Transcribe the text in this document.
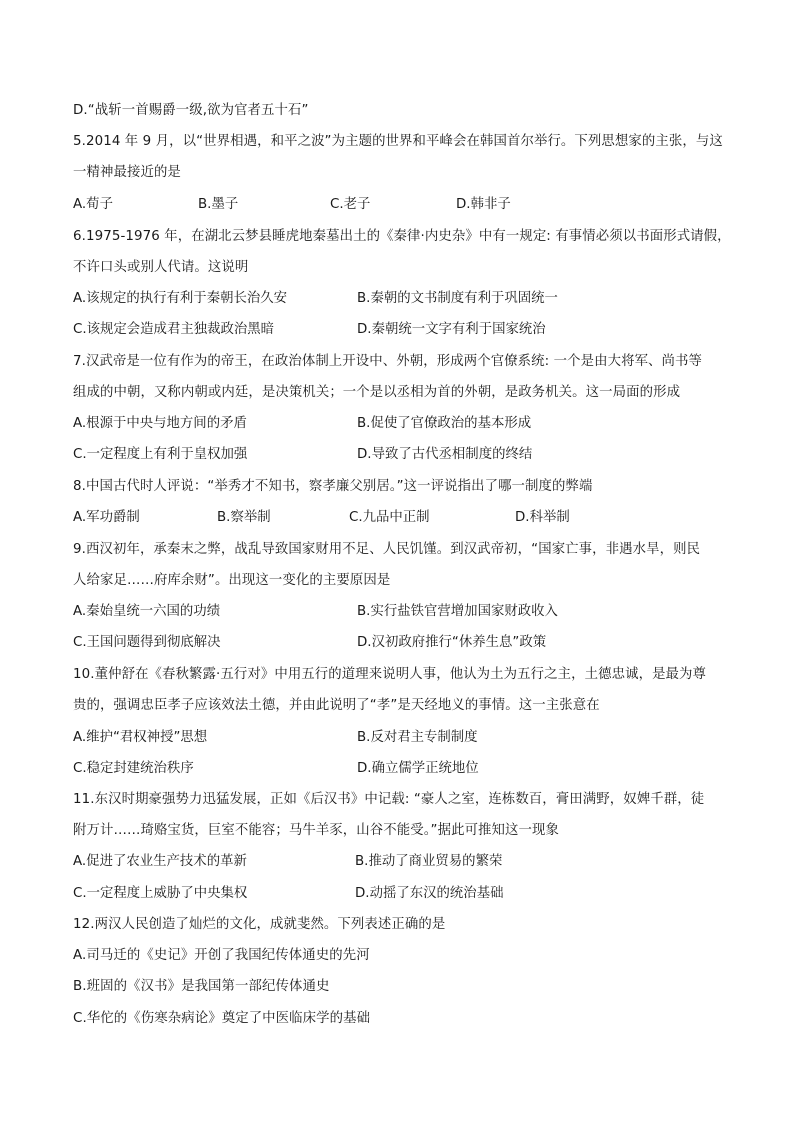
D.“战斩一首赐爵一级,欲为官者五十石”
5.2014 年 9 月，以“世界相遇，和平之波”为主题的世界和平峰会在韩国首尔举行。下列思想家的主张，与这
一精神最接近的是
A.荀子	B.墨子	C.老子	D.韩非子
6.1975-1976 年，在湖北云梦县睡虎地秦墓出土的《秦律·内史杂》中有一规定: 有事情必须以书面形式请假，
不许口头或别人代请。这说明
A.该规定的执行有利于秦朝长治久安	B.秦朝的文书制度有利于巩固统一
C.该规定会造成君主独裁政治黑暗	D.秦朝统一文字有利于国家统治
7.汉武帝是一位有作为的帝王，在政治体制上开设中、外朝，形成两个官僚系统: 一个是由大将军、尚书等
组成的中朝，又称内朝或内廷，是决策机关；一个是以丞相为首的外朝，是政务机关。这一局面的形成
A.根源于中央与地方间的矛盾	B.促使了官僚政治的基本形成
C.一定程度上有利于皇权加强	D.导致了古代丞相制度的终结
8.中国古代时人评说：“举秀才不知书，察孝廉父别居。”这一评说指出了哪一制度的弊端
A.军功爵制	B.察举制	C.九品中正制	D.科举制
9.西汉初年，承秦末之弊，战乱导致国家财用不足、人民饥馑。到汉武帝初，“国家亡事，非遇水旱，则民
人给家足……府库余财”。出现这一变化的主要原因是
A.秦始皇统一六国的功绩	B.实行盐铁官营增加国家财政收入
C.王国问题得到彻底解决	D.汉初政府推行“休养生息”政策
10.董仲舒在《春秋繁露·五行对》中用五行的道理来说明人事，他认为土为五行之主，土德忠诚，是最为尊
贵的，强调忠臣孝子应该效法土德，并由此说明了“孝”是天经地义的事情。这一主张意在
A.维护“君权神授”思想	B.反对君主专制制度
C.稳定封建统治秩序	D.确立儒学正统地位
11.东汉时期豪强势力迅猛发展，正如《后汉书》中记载: “豪人之室，连栋数百，膏田满野，奴婢千群，徒
附万计……琦赂宝货，巨室不能容；马牛羊豕，山谷不能受。”据此可推知这一现象
A.促进了农业生产技术的革新	B.推动了商业贸易的繁荣
C.一定程度上威胁了中央集权	D.动摇了东汉的统治基础
12.两汉人民创造了灿烂的文化，成就斐然。下列表述正确的是
A.司马迁的《史记》开创了我国纪传体通史的先河
B.班固的《汉书》是我国第一部纪传体通史
C.华佗的《伤寒杂病论》奠定了中医临床学的基础
